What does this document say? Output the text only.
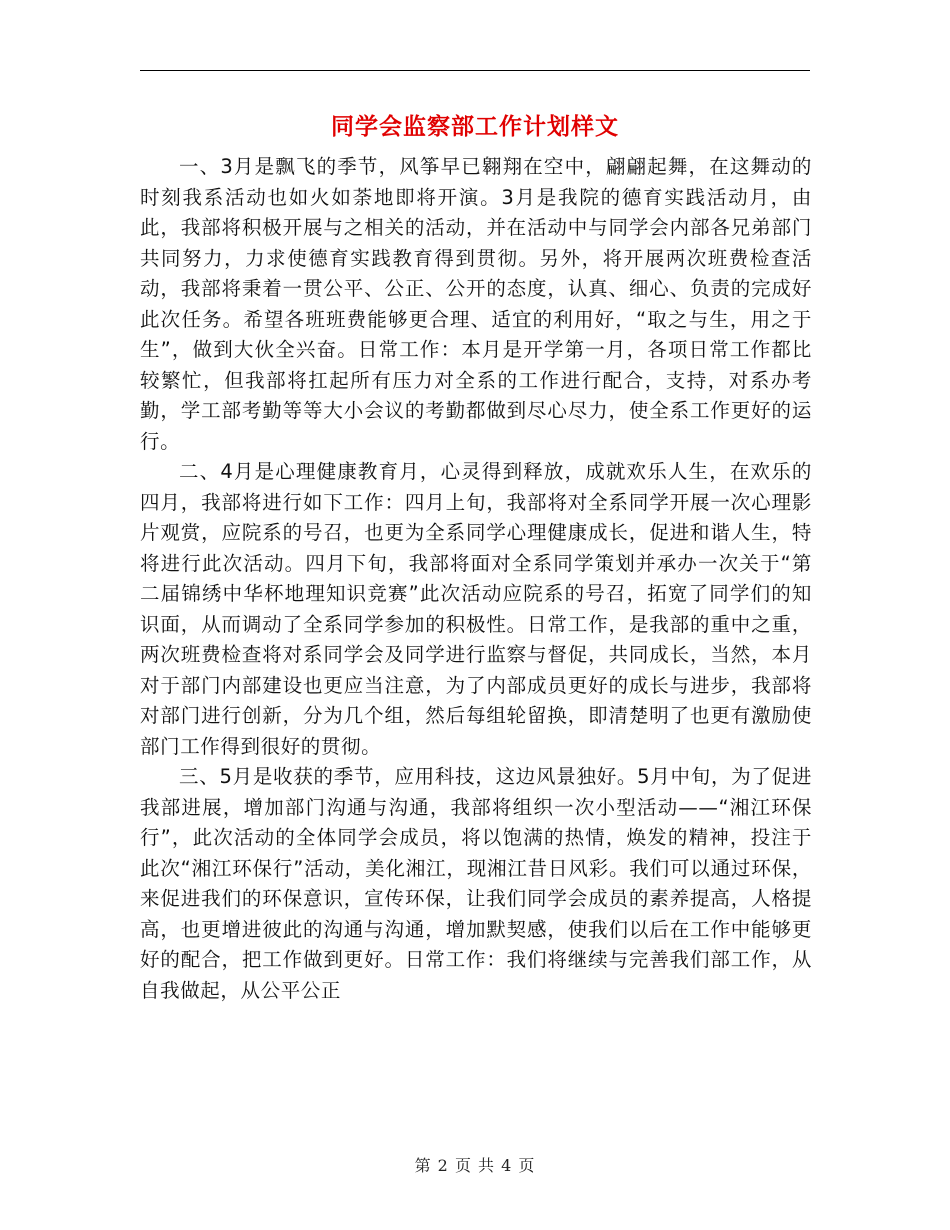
同学会监察部工作计划样文

一、3月是飘飞的季节，风筝早已翱翔在空中，翩翩起舞，在这舞动的时刻我系活动也如火如荼地即将开演。3月是我院的德育实践活动月，由此，我部将积极开展与之相关的活动，并在活动中与同学会内部各兄弟部门共同努力，力求使德育实践教育得到贯彻。另外，将开展两次班费检查活动，我部将秉着一贯公平、公正、公开的态度，认真、细心、负责的完成好此次任务。希望各班班费能够更合理、适宜的利用好，“取之与生，用之于生”，做到大伙全兴奋。日常工作：本月是开学第一月，各项日常工作都比较繁忙，但我部将扛起所有压力对全系的工作进行配合，支持，对系办考勤，学工部考勤等等大小会议的考勤都做到尽心尽力，使全系工作更好的运行。

二、4月是心理健康教育月，心灵得到释放，成就欢乐人生，在欢乐的四月，我部将进行如下工作：四月上旬，我部将对全系同学开展一次心理影片观赏，应院系的号召，也更为全系同学心理健康成长，促进和谐人生，特将进行此次活动。四月下旬，我部将面对全系同学策划并承办一次关于“第二届锦绣中华杯地理知识竞赛”此次活动应院系的号召，拓宽了同学们的知识面，从而调动了全系同学参加的积极性。日常工作，是我部的重中之重，两次班费检查将对系同学会及同学进行监察与督促，共同成长，当然，本月对于部门内部建设也更应当注意，为了内部成员更好的成长与进步，我部将对部门进行创新，分为几个组，然后每组轮留换，即清楚明了也更有激励使部门工作得到很好的贯彻。

三、5月是收获的季节，应用科技，这边风景独好。5月中旬，为了促进我部进展，增加部门沟通与沟通，我部将组织一次小型活动——“湘江环保行”，此次活动的全体同学会成员，将以饱满的热情，焕发的精神，投注于此次“湘江环保行”活动，美化湘江，现湘江昔日风彩。我们可以通过环保，来促进我们的环保意识，宣传环保，让我们同学会成员的素养提高，人格提高，也更增进彼此的沟通与沟通，增加默契感，使我们以后在工作中能够更好的配合，把工作做到更好。日常工作：我们将继续与完善我们部工作，从自我做起，从公平公正

第 2 页 共 4 页
